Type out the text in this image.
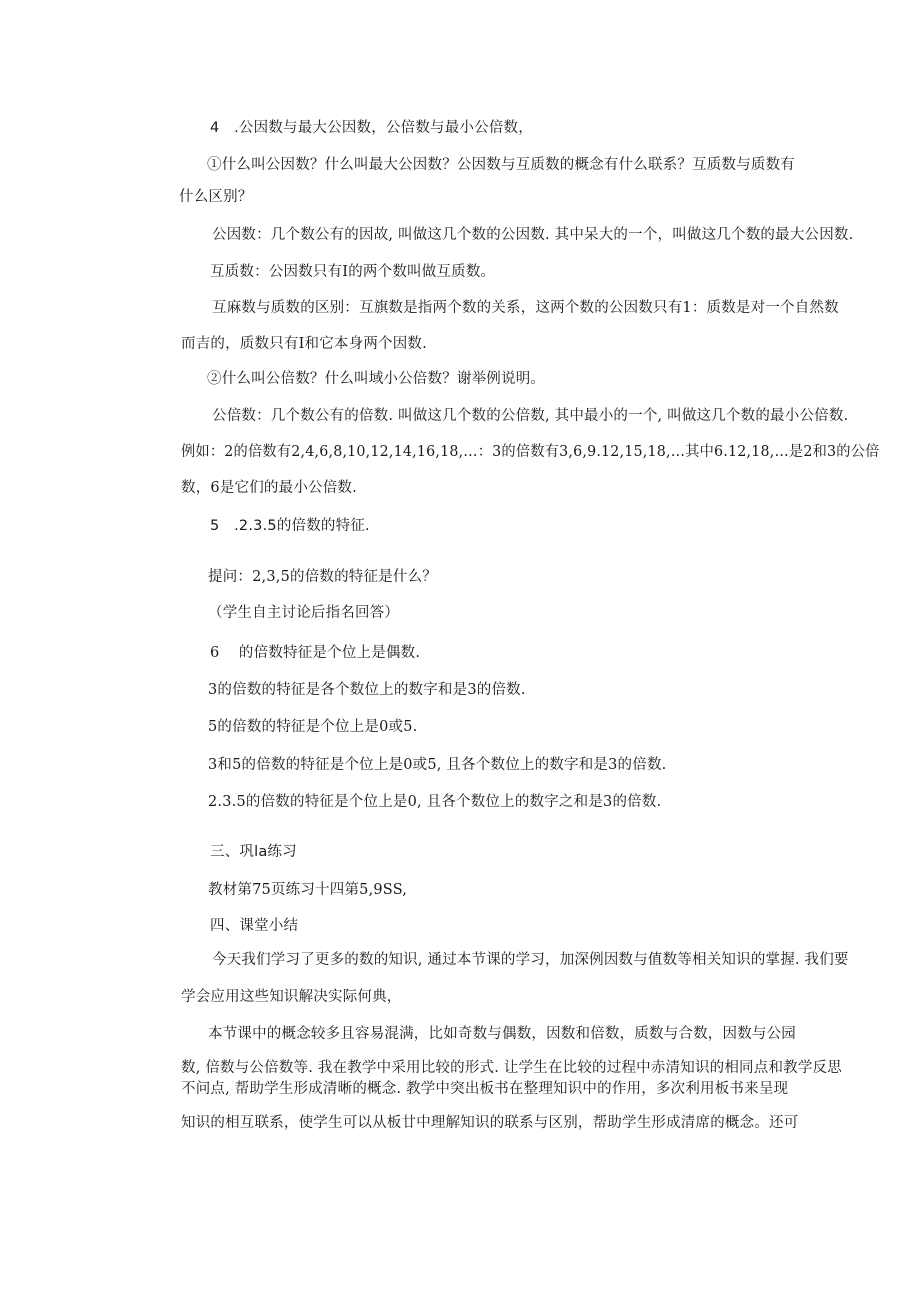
4　.公因数与最大公因数，公倍数与最小公倍数，
①什么叫公因数？什么叫最大公因数？公因数与互质数的概念有什么联系？互质数与质数有
什么区别？
公因数：几个数公有的因故, 叫做这几个数的公因数. 其中呆大的一个，叫做这几个数的最大公因数.
互质数：公因数只有I的两个数叫做互质数。
互麻数与质数的区别：互旗数是指两个数的关系，这两个数的公因数只有1：质数是对一个自然数
而吉的，质数只有I和它本身两个因数.
②什么叫公倍数？什么叫域小公倍数？谢举例说明。
公倍数：几个数公有的倍数. 叫做这几个数的公倍数, 其中最小的一个, 叫做这几个数的最小公倍数.
例如：2的倍数有2,4,6,8,10,12,14,16,18,…：3的倍数有3,6,9.12,15,18,…其中6.12,18,…是2和3的公倍
数，6是它们的最小公倍数.
5　.2.3.5的倍数的特征.
提问：2,3,5的倍数的特征是什么？
（学生自主讨论后指名回答）
6　 的倍数特征是个位上是偶数.
3的倍数的特征是各个数位上的数字和是3的倍数.
5的倍数的特征是个位上是0或5.
3和5的倍数的特征是个位上是0或5, 且各个数位上的数字和是3的倍数.
2.3.5的倍数的特征是个位上是0, 且各个数位上的数字之和是3的倍数.
三、巩la练习
教材第75页练习十四第5,9SS,
四、课堂小结
今天我们学习了更多的数的知识, 通过本节课的学习，加深例因数与值数等相关知识的掌握. 我们要
学会应用这些知识解决实际何典，
本节课中的概念较多且容易混满，比如奇数与偶数，因数和倍数，质数与合数，因数与公园
数, 倍数与公倍数等. 我在教学中采用比较的形式. 让学生在比较的过程中赤清知识的相同点和教学反思
不问点, 帮助学生形成清晰的概念. 教学中突出板书在整理知识中的作用，多次利用板书来呈现
知识的相互联系，使学生可以从板廿中理解知识的联系与区别，帮助学生形成清席的概念。还可
